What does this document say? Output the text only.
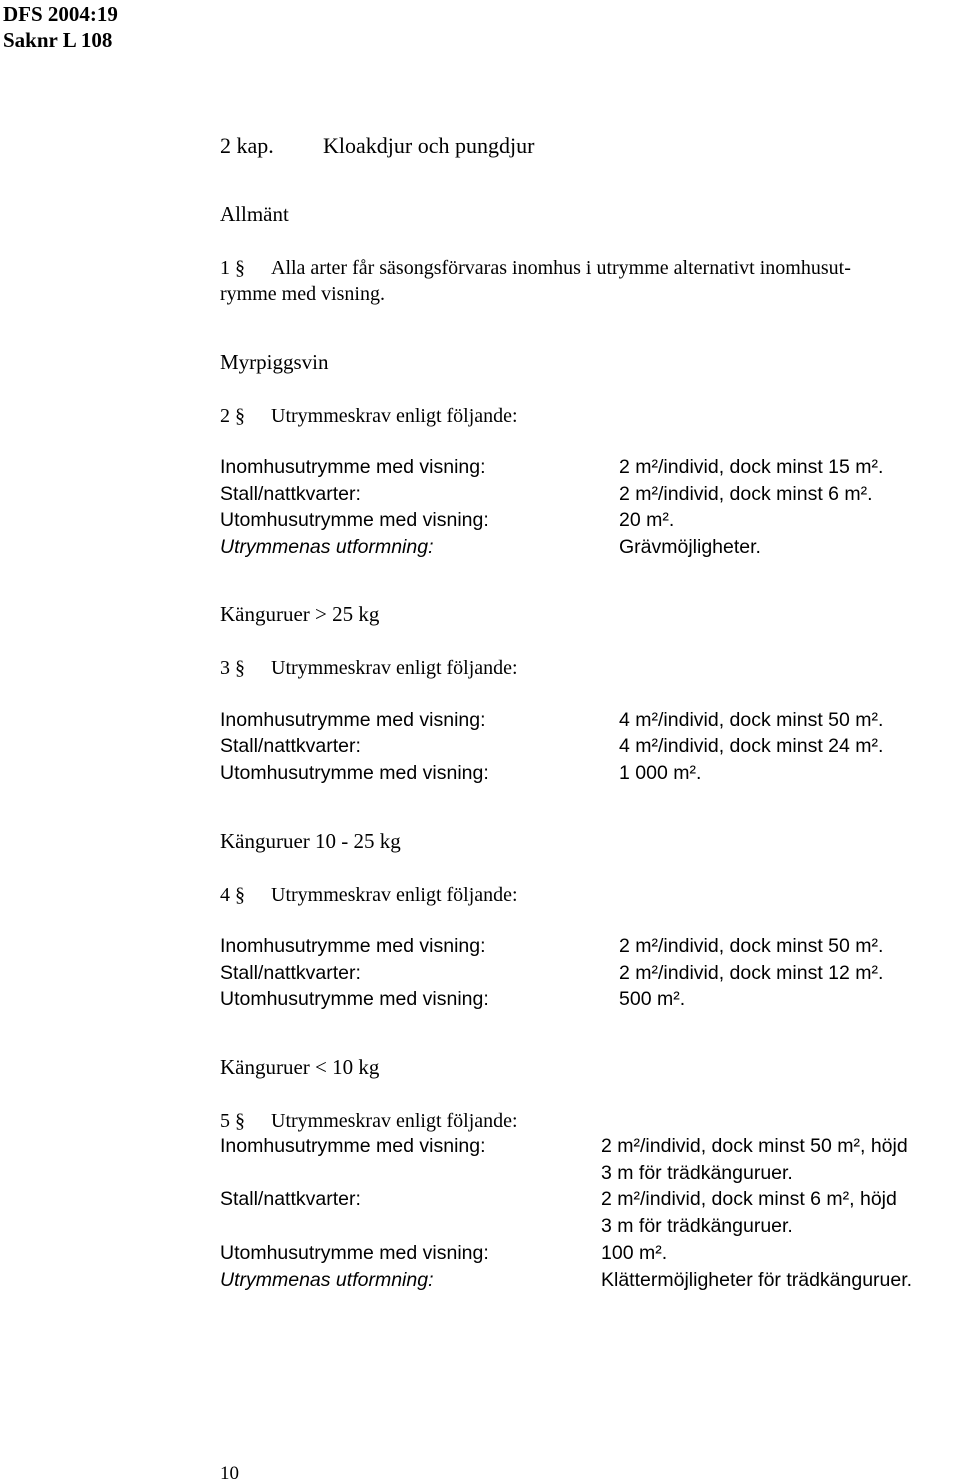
DFS 2004:19
Saknr L 108
2 kap. Kloakdjur och pungdjur
Allmänt
1 § Alla arter får säsongsförvaras inomhus i utrymme alternativt inomhusut-
rymme med visning.
Myrpiggsvin
2 § Utrymmeskrav enligt följande:
Inomhusutrymme med visning:	2 m²/individ, dock minst 15 m².
Stall/nattkvarter:	2 m²/individ, dock minst 6 m².
Utomhusutrymme med visning:	20 m².
Utrymmenas utformning:	Grävmöjligheter.
Känguruer > 25 kg
3 § Utrymmeskrav enligt följande:
Inomhusutrymme med visning:	4 m²/individ, dock minst 50 m².
Stall/nattkvarter:	4 m²/individ, dock minst 24 m².
Utomhusutrymme med visning:	1 000 m².
Känguruer 10 - 25 kg
4 § Utrymmeskrav enligt följande:
Inomhusutrymme med visning:	2 m²/individ, dock minst 50 m².
Stall/nattkvarter:	2 m²/individ, dock minst 12 m².
Utomhusutrymme med visning:	500 m².
Känguruer < 10 kg
5 § Utrymmeskrav enligt följande:
Inomhusutrymme med visning:	2 m²/individ, dock minst 50 m², höjd
3 m för trädkänguruer.
Stall/nattkvarter:	2 m²/individ, dock minst 6 m², höjd
3 m för trädkänguruer.
Utomhusutrymme med visning:	100 m².
Utrymmenas utformning:	Klättermöjligheter för trädkänguruer.
10
